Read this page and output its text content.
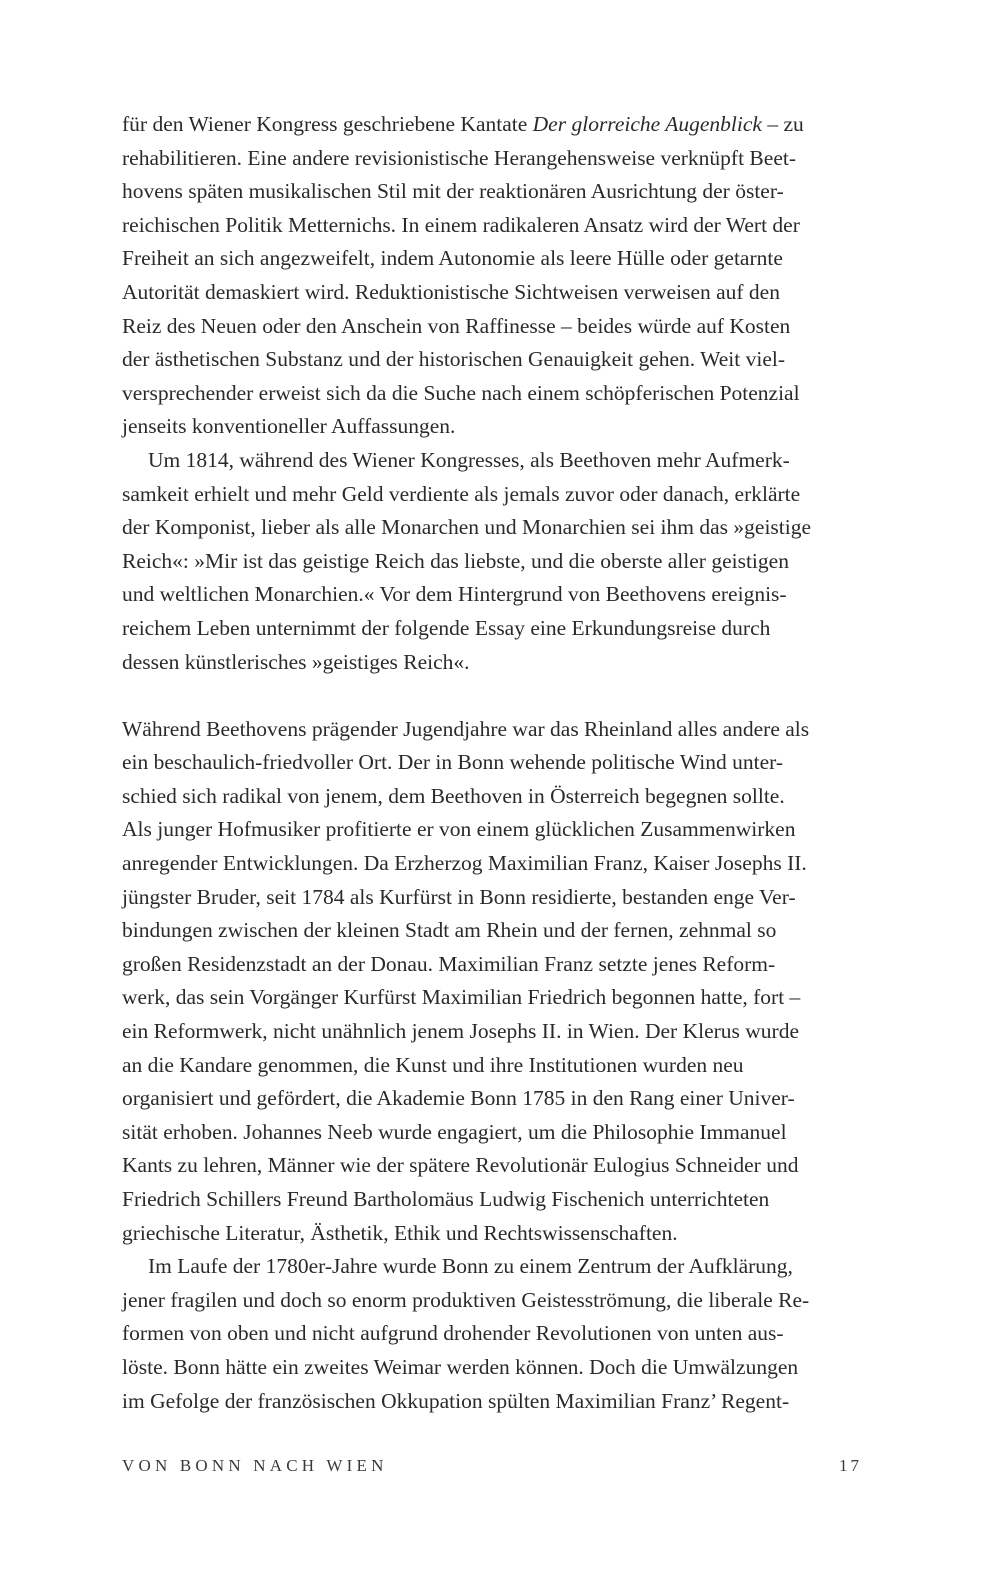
für den Wiener Kongress geschriebene Kantate Der glorreiche Augenblick – zu
rehabilitieren. Eine andere revisionistische Herangehensweise verknüpft Beet-
hovens späten musikalischen Stil mit der reaktionären Ausrichtung der öster-
reichischen Politik Metternichs. In einem radikaleren Ansatz wird der Wert der
Freiheit an sich angezweifelt, indem Autonomie als leere Hülle oder getarnte
Autorität demaskiert wird. Reduktionistische Sichtweisen verweisen auf den
Reiz des Neuen oder den Anschein von Raffinesse – beides würde auf Kosten
der ästhetischen Substanz und der historischen Genauigkeit gehen. Weit viel-
versprechender erweist sich da die Suche nach einem schöpferischen Potenzial
jenseits konventioneller Auffassungen.
Um 1814, während des Wiener Kongresses, als Beethoven mehr Aufmerk-
samkeit erhielt und mehr Geld verdiente als jemals zuvor oder danach, erklärte
der Komponist, lieber als alle Monarchen und Monarchien sei ihm das »geistige
Reich«: »Mir ist das geistige Reich das liebste, und die oberste aller geistigen
und weltlichen Monarchien.« Vor dem Hintergrund von Beethovens ereignis-
reichem Leben unternimmt der folgende Essay eine Erkundungsreise durch
dessen künstlerisches »geistiges Reich«.
Während Beethovens prägender Jugendjahre war das Rheinland alles andere als
ein beschaulich-friedvoller Ort. Der in Bonn wehende politische Wind unter-
schied sich radikal von jenem, dem Beethoven in Österreich begegnen sollte.
Als junger Hofmusiker profitierte er von einem glücklichen Zusammenwirken
anregender Entwicklungen. Da Erzherzog Maximilian Franz, Kaiser Josephs II.
jüngster Bruder, seit 1784 als Kurfürst in Bonn residierte, bestanden enge Ver-
bindungen zwischen der kleinen Stadt am Rhein und der fernen, zehnmal so
großen Residenzstadt an der Donau. Maximilian Franz setzte jenes Reform-
werk, das sein Vorgänger Kurfürst Maximilian Friedrich begonnen hatte, fort –
ein Reformwerk, nicht unähnlich jenem Josephs II. in Wien. Der Klerus wurde
an die Kandare genommen, die Kunst und ihre Institutionen wurden neu
organisiert und gefördert, die Akademie Bonn 1785 in den Rang einer Univer-
sität erhoben. Johannes Neeb wurde engagiert, um die Philosophie Immanuel
Kants zu lehren, Männer wie der spätere Revolutionär Eulogius Schneider und
Friedrich Schillers Freund Bartholomäus Ludwig Fischenich unterrichteten
griechische Literatur, Ästhetik, Ethik und Rechtswissenschaften.
Im Laufe der 1780er-Jahre wurde Bonn zu einem Zentrum der Aufklärung,
jener fragilen und doch so enorm produktiven Geistesströmung, die liberale Re-
formen von oben und nicht aufgrund drohender Revolutionen von unten aus-
löste. Bonn hätte ein zweites Weimar werden können. Doch die Umwälzungen
im Gefolge der französischen Okkupation spülten Maximilian Franz’ Regent-
VON BONN NACH WIEN	17
